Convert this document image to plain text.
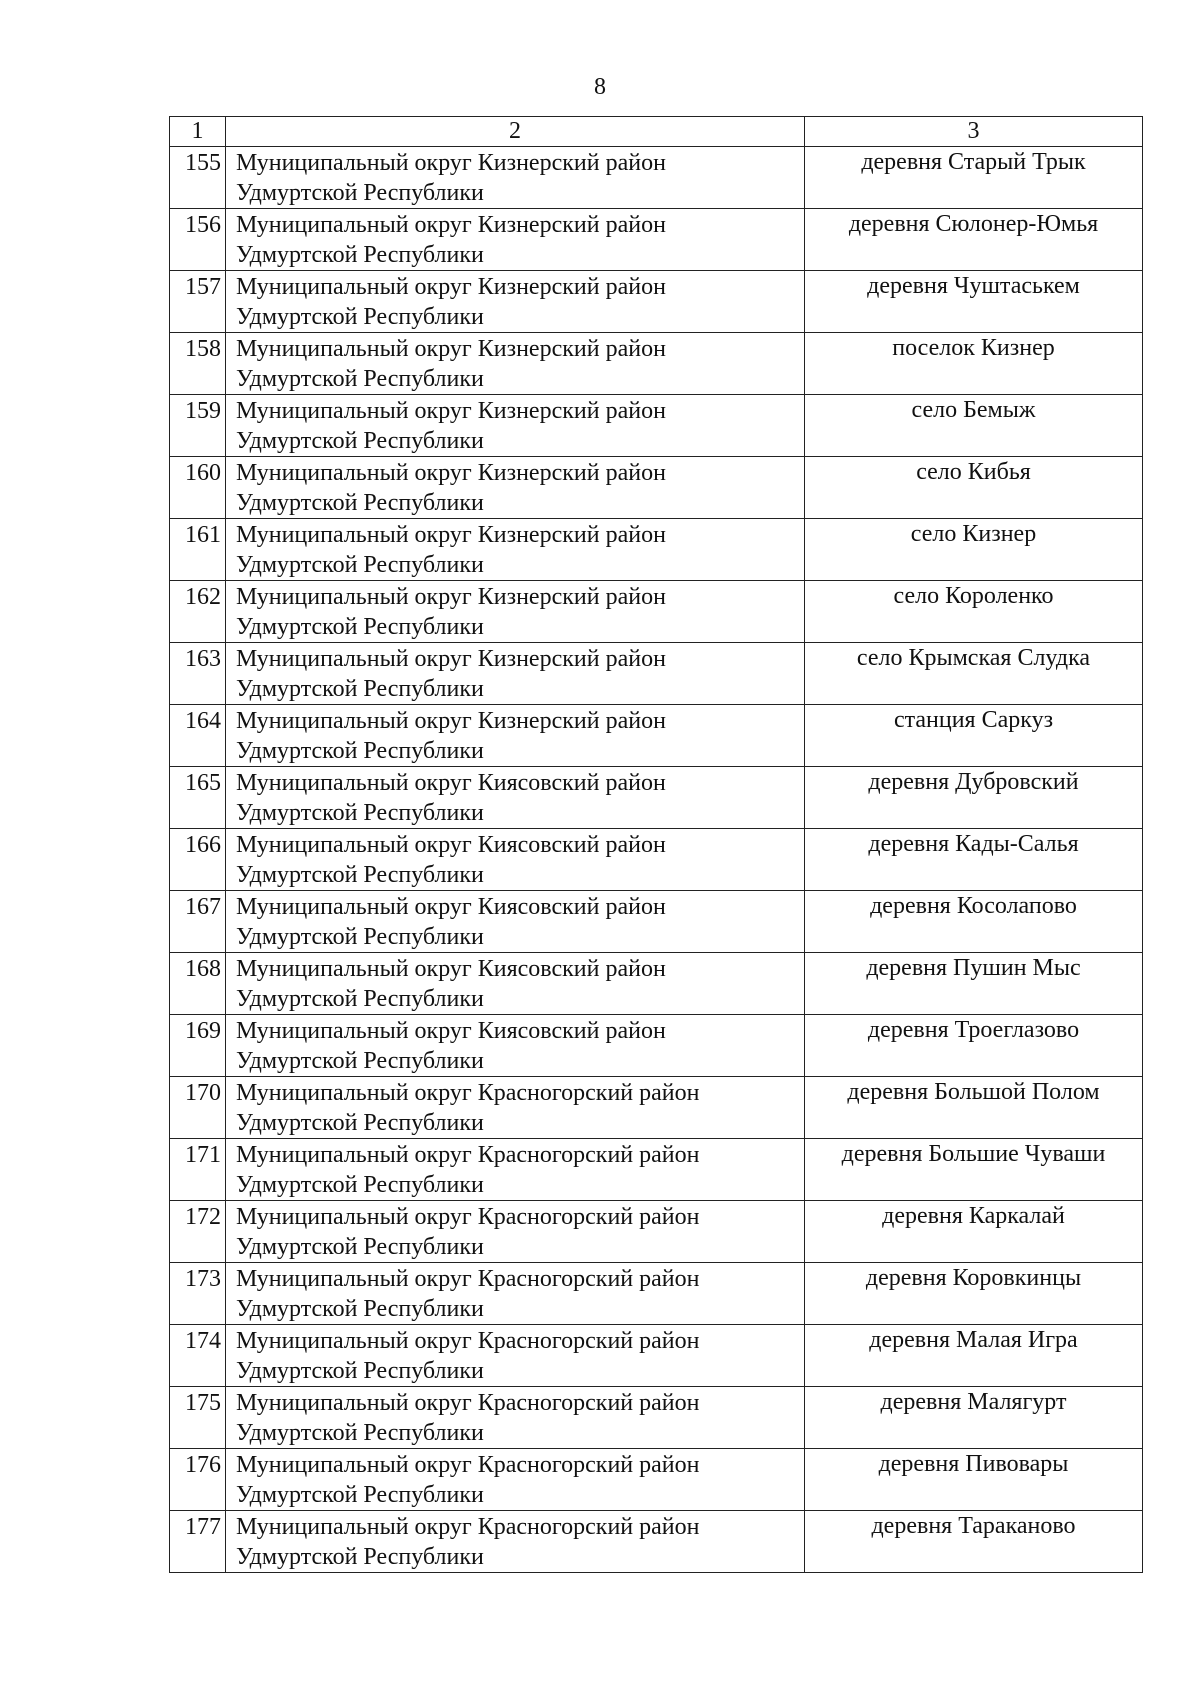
8
1	2	3
155	Муниципальный округ Кизнерский район
Удмуртской Республики	деревня Старый Трык
156	Муниципальный округ Кизнерский район
Удмуртской Республики	деревня Сюлонер-Юмья
157	Муниципальный округ Кизнерский район
Удмуртской Республики	деревня Чуштаськем
158	Муниципальный округ Кизнерский район
Удмуртской Республики	поселок Кизнер
159	Муниципальный округ Кизнерский район
Удмуртской Республики	село Бемыж
160	Муниципальный округ Кизнерский район
Удмуртской Республики	село Кибья
161	Муниципальный округ Кизнерский район
Удмуртской Республики	село Кизнер
162	Муниципальный округ Кизнерский район
Удмуртской Республики	село Короленко
163	Муниципальный округ Кизнерский район
Удмуртской Республики	село Крымская Слудка
164	Муниципальный округ Кизнерский район
Удмуртской Республики	станция Саркуз
165	Муниципальный округ Киясовский район
Удмуртской Республики	деревня Дубровский
166	Муниципальный округ Киясовский район
Удмуртской Республики	деревня Кады-Салья
167	Муниципальный округ Киясовский район
Удмуртской Республики	деревня Косолапово
168	Муниципальный округ Киясовский район
Удмуртской Республики	деревня Пушин Мыс
169	Муниципальный округ Киясовский район
Удмуртской Республики	деревня Троеглазово
170	Муниципальный округ Красногорский район
Удмуртской Республики	деревня Большой Полом
171	Муниципальный округ Красногорский район
Удмуртской Республики	деревня Большие Чуваши
172	Муниципальный округ Красногорский район
Удмуртской Республики	деревня Каркалай
173	Муниципальный округ Красногорский район
Удмуртской Республики	деревня Коровкинцы
174	Муниципальный округ Красногорский район
Удмуртской Республики	деревня Малая Игра
175	Муниципальный округ Красногорский район
Удмуртской Республики	деревня Малягурт
176	Муниципальный округ Красногорский район
Удмуртской Республики	деревня Пивовары
177	Муниципальный округ Красногорский район
Удмуртской Республики	деревня Тараканово
